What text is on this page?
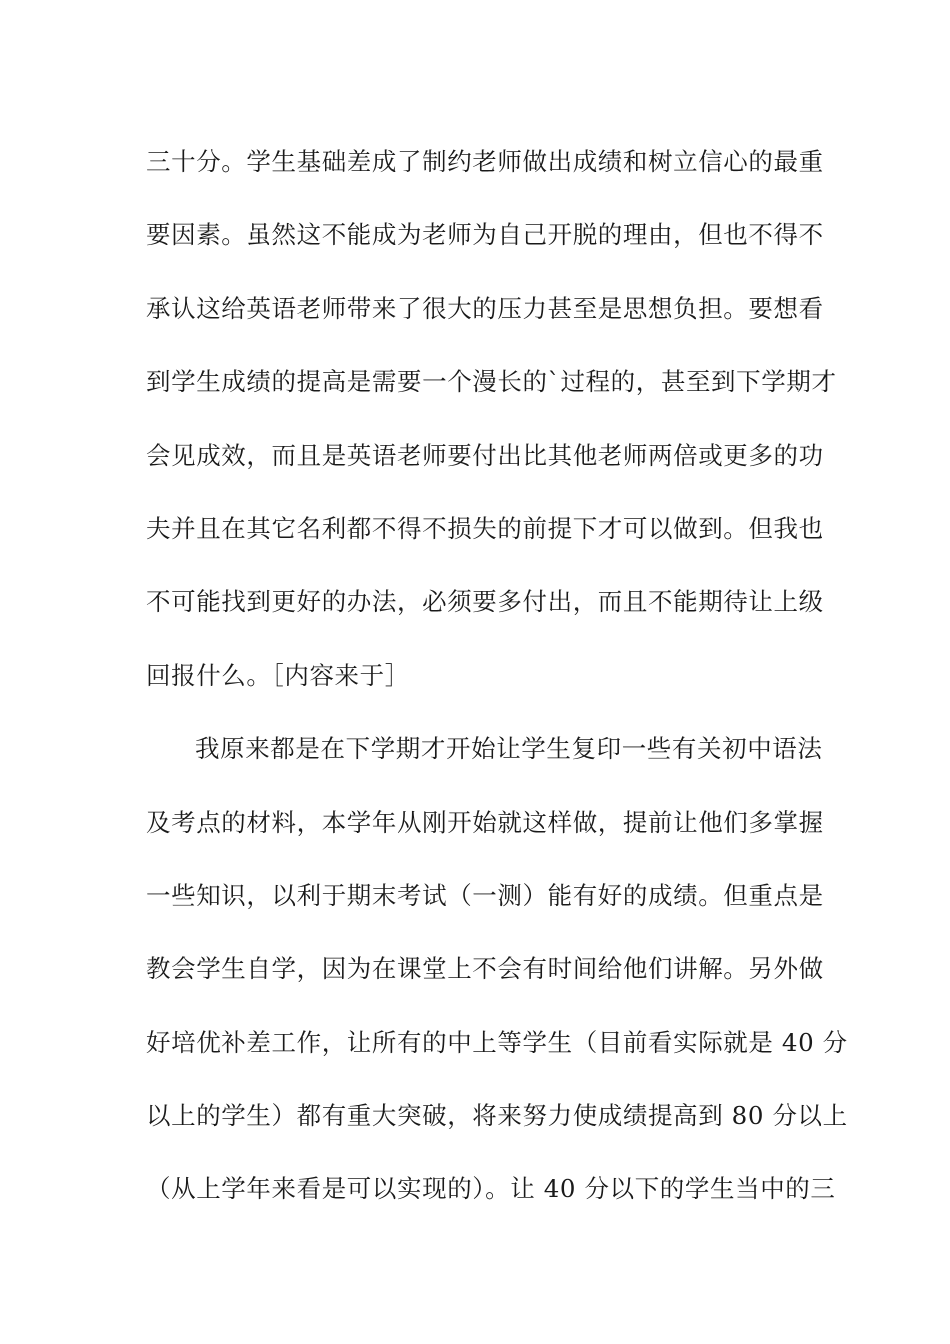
三十分。学生基础差成了制约老师做出成绩和树立信心的最重
要因素。虽然这不能成为老师为自己开脱的理由，但也不得不
承认这给英语老师带来了很大的压力甚至是思想负担。要想看
到学生成绩的提高是需要一个漫长的`过程的，甚至到下学期才
会见成效，而且是英语老师要付出比其他老师两倍或更多的功
夫并且在其它名利都不得不损失的前提下才可以做到。但我也
不可能找到更好的办法，必须要多付出，而且不能期待让上级
回报什么。［内容来于］
我原来都是在下学期才开始让学生复印一些有关初中语法
及考点的材料，本学年从刚开始就这样做，提前让他们多掌握
一些知识，以利于期末考试（一测）能有好的成绩。但重点是
教会学生自学，因为在课堂上不会有时间给他们讲解。另外做
好培优补差工作，让所有的中上等学生（目前看实际就是 40 分
以上的学生）都有重大突破，将来努力使成绩提高到 80 分以上
（从上学年来看是可以实现的）。让 40 分以下的学生当中的三
